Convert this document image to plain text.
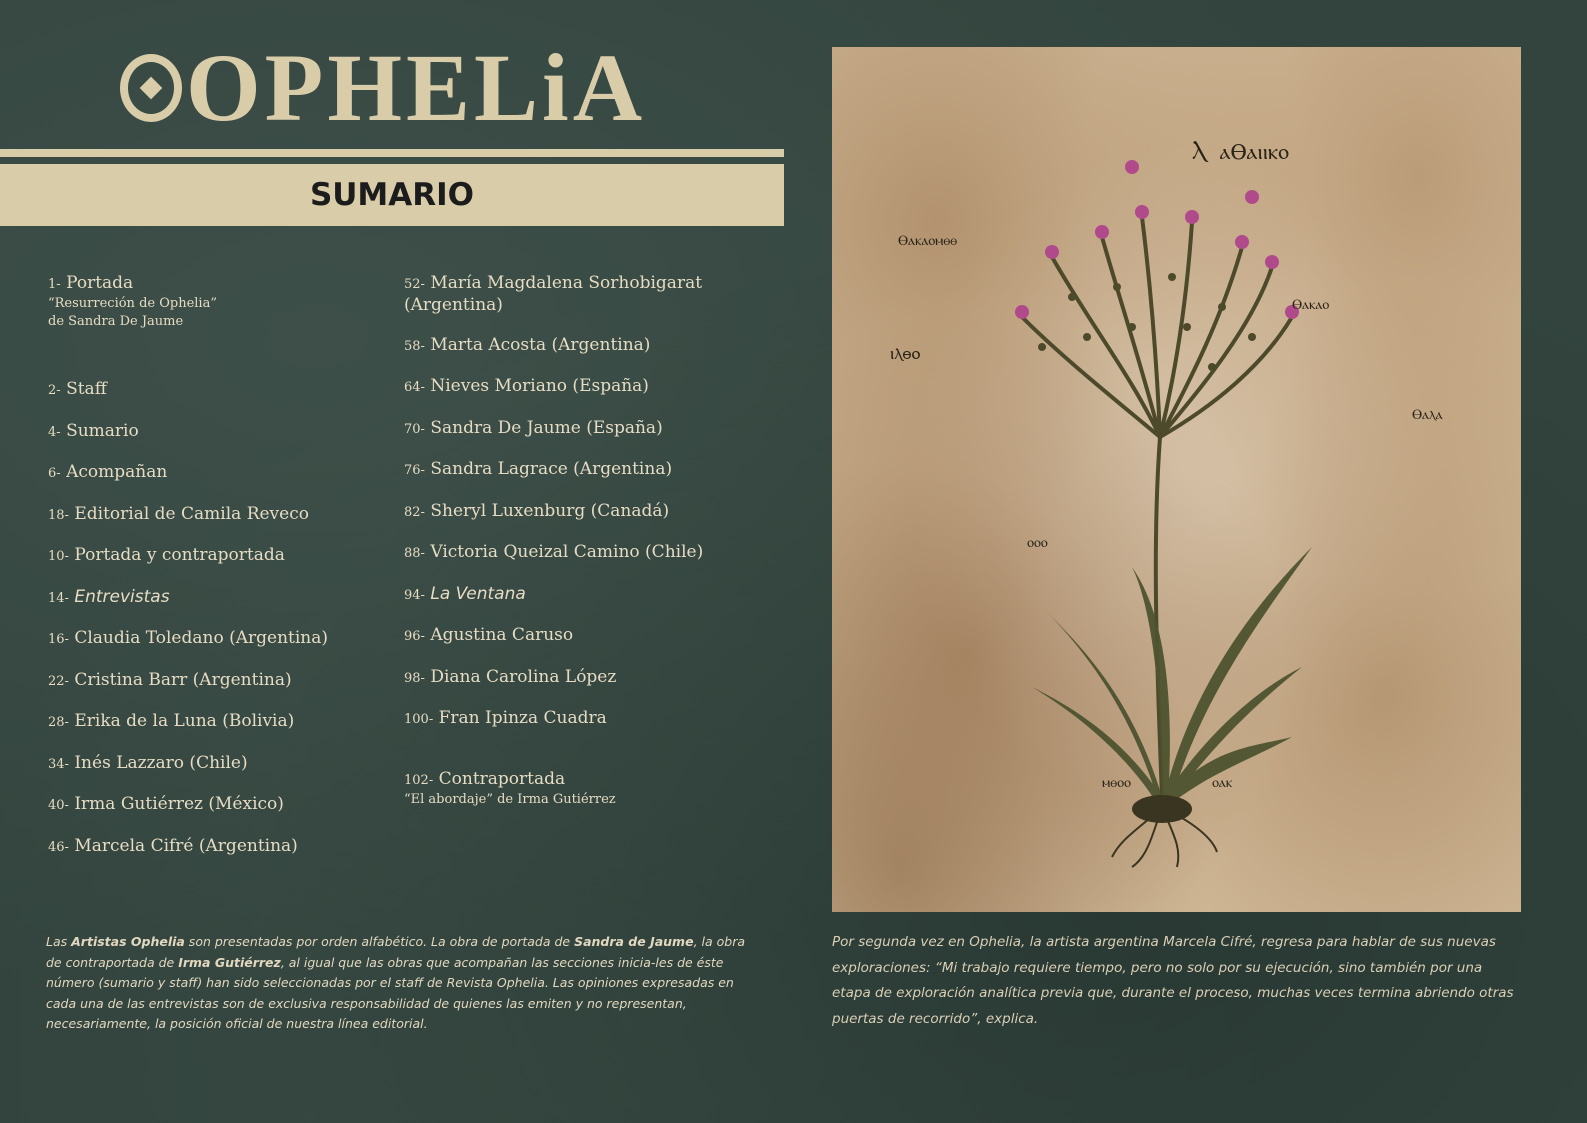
OPHELiA
SUMARIO
1- Portada
“Resurreción de Ophelia”
de Sandra De Jaume
2- Staff
4- Sumario
6- Acompañan
18- Editorial de Camila Reveco
10- Portada y contraportada
14- Entrevistas
16- Claudia Toledano (Argentina)
22- Cristina Barr (Argentina)
28- Erika de la Luna (Bolivia)
34- Inés Lazzaro (Chile)
40- Irma Gutiérrez (México)
46- Marcela Cifré (Argentina)
52- María Magdalena Sorhobigarat
(Argentina)
58- Marta Acosta (Argentina)
64- Nieves Moriano (España)
70- Sandra De Jaume (España)
76- Sandra Lagrace (Argentina)
82- Sheryl Luxenburg (Canadá)
88- Victoria Queizal Camino (Chile)
94- La Ventana
96- Agustina Caruso
98- Diana Carolina López
100- Fran Ipinza Cuadra
102- Contraportada
“El abordaje” de Irma Gutiérrez
Las Artistas Ophelia son presentadas por orden alfabético. La obra de portada de Sandra de Jaume, la obra de contraportada de Irma Gutiérrez, al igual que las obras que acompañan las secciones inicia-les de éste número (sumario y staff) han sido seleccionadas por el staff de Revista Ophelia. Las opiniones expresadas en cada una de las entrevistas son de exclusiva responsabilidad de quienes las emiten y no representan, necesariamente, la posición oficial de nuestra línea editorial.
Ⲗ ⲁⲐⲁⲓⲓⲕⲟ
Ⲑⲁⲕⲁⲟⲙⲑⲑ
Ⲑⲁⲕⲁⲟ
ⲓⲗⲑⲟ
Ⲑⲁⲗⲁ
ⲟⲟⲟ
ⲙⲑⲟⲟ	ⲟⲁⲕ
Por segunda vez en Ophelia, la artista argentina Marcela Cifré, regresa para hablar de sus nuevas exploraciones: “Mi trabajo requiere tiempo, pero no solo por su ejecución, sino también por una etapa de exploración analítica previa que, durante el proceso, muchas veces termina abriendo otras puertas de recorrido”, explica.
